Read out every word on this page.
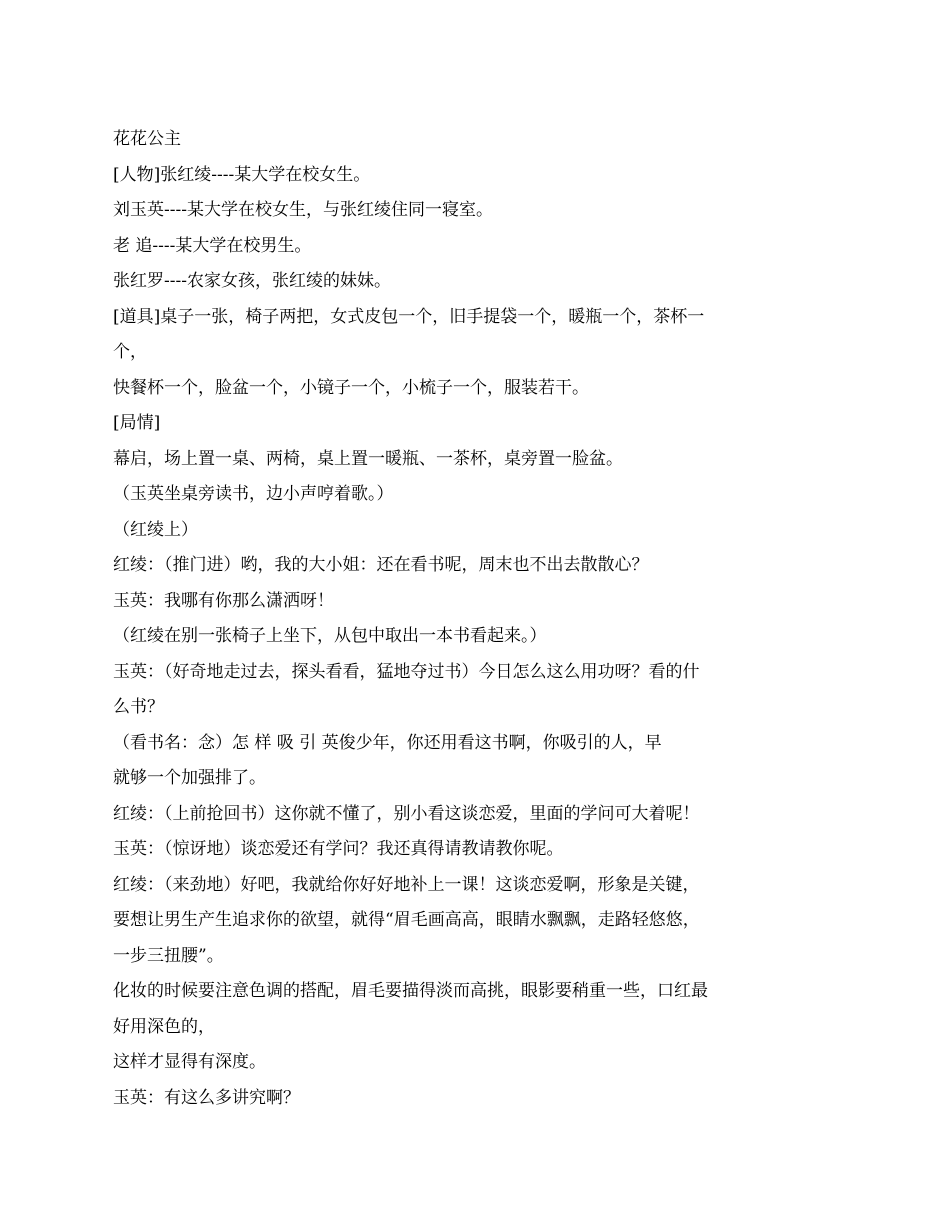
花花公主
[人物]张红绫----某大学在校女生。
刘玉英----某大学在校女生，与张红绫住同一寝室。
老 追----某大学在校男生。
张红罗----农家女孩，张红绫的妹妹。
[道具]桌子一张，椅子两把，女式皮包一个，旧手提袋一个，暖瓶一个，茶杯一
个，
快餐杯一个，脸盆一个，小镜子一个，小梳子一个，服装若干。
[局情]
幕启，场上置一桌、两椅，桌上置一暖瓶、一茶杯，桌旁置一脸盆。
（玉英坐桌旁读书，边小声哼着歌。）
（红绫上）
红绫：（推门进）哟，我的大小姐：还在看书呢，周末也不出去散散心？
玉英：我哪有你那么潇洒呀！
（红绫在别一张椅子上坐下，从包中取出一本书看起来。）
玉英：（好奇地走过去，探头看看，猛地夺过书）今日怎么这么用功呀？看的什
么书？
（看书名：念）怎 样 吸 引 英俊少年，你还用看这书啊，你吸引的人，早
就够一个加强排了。
红绫：（上前抢回书）这你就不懂了，别小看这谈恋爱，里面的学问可大着呢！
玉英：（惊讶地）谈恋爱还有学问？我还真得请教请教你呢。
红绫：（来劲地）好吧，我就给你好好地补上一课！这谈恋爱啊，形象是关键，
要想让男生产生追求你的欲望，就得“眉毛画高高，眼睛水飘飘，走路轻悠悠，
一步三扭腰”。
化妆的时候要注意色调的搭配，眉毛要描得淡而高挑，眼影要稍重一些，口红最
好用深色的，
这样才显得有深度。
玉英：有这么多讲究啊？
